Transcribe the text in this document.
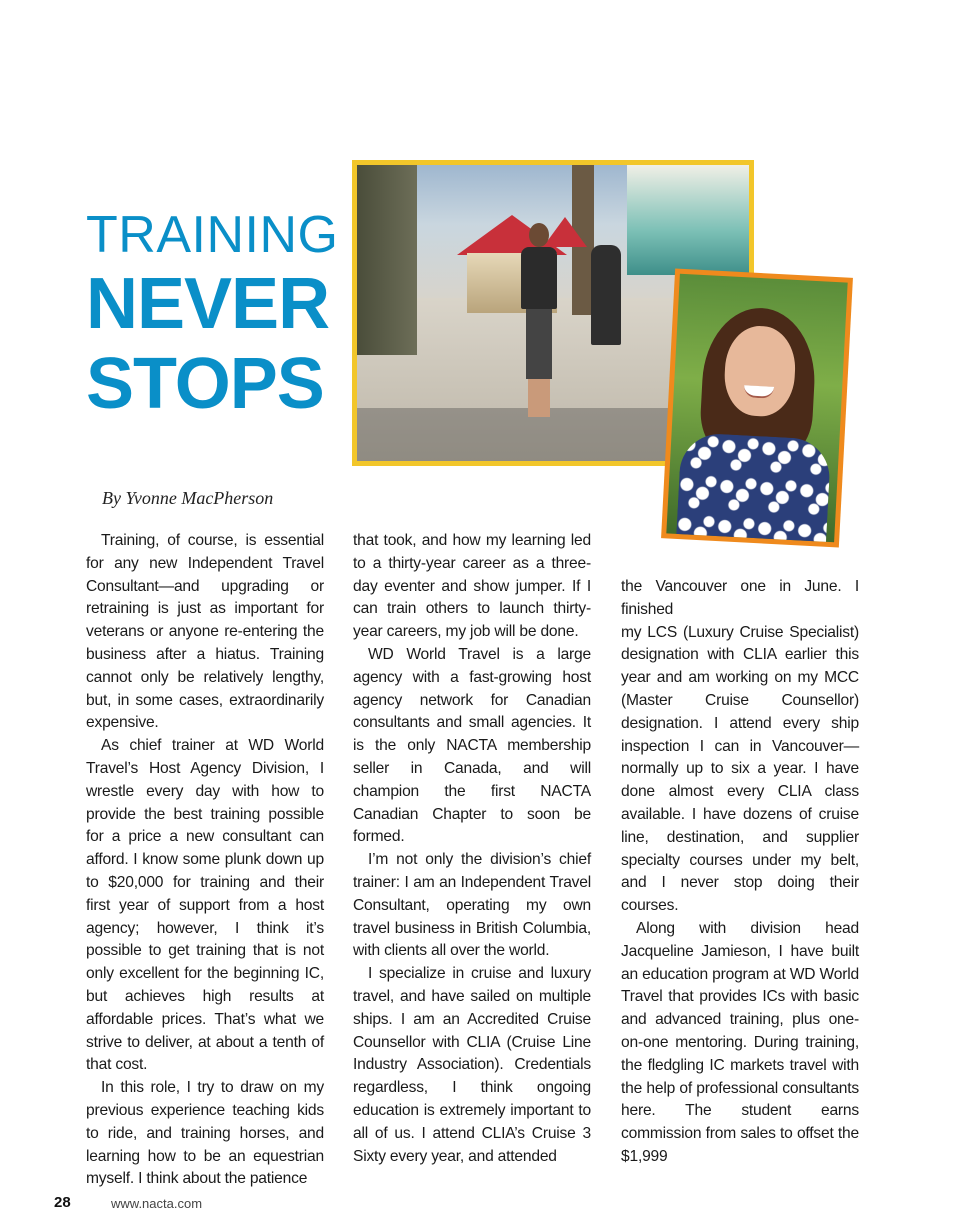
TRAINING
NEVER
STOPS
By Yvonne MacPherson

Training, of course, is essential for any new Independent Travel Consultant—and upgrading or retraining is just as important for veterans or anyone re-entering the business after a hiatus. Training cannot only be relatively lengthy, but, in some cases, extraordinarily expensive.

As chief trainer at WD World Travel’s Host Agency Division, I wrestle every day with how to provide the best training possible for a price a new consultant can afford. I know some plunk down up to $20,000 for training and their first year of support from a host agency; however, I think it’s possible to get training that is not only excellent for the beginning IC, but achieves high results at affordable prices. That’s what we strive to deliver, at about a tenth of that cost.

In this role, I try to draw on my previous experience teaching kids to ride, and training horses, and learning how to be an equestrian myself. I think about the patience

that took, and how my learning led to a thirty-year career as a three-day eventer and show jumper. If I can train others to launch thirty-year careers, my job will be done.

WD World Travel is a large agency with a fast-growing host agency network for Canadian consultants and small agencies. It is the only NACTA membership seller in Canada, and will champion the first NACTA Canadian Chapter to soon be formed.

I’m not only the division’s chief trainer: I am an Independent Travel Consultant, operating my own travel business in British Columbia, with clients all over the world.

I specialize in cruise and luxury travel, and have sailed on multiple ships. I am an Accredited Cruise Counsellor with CLIA (Cruise Line Industry Association). Credentials regardless, I think ongoing education is extremely important to all of us. I attend CLIA’s Cruise 3 Sixty every year, and attended

the Vancouver one in June. I finished

my LCS (Luxury Cruise Specialist) designation with CLIA earlier this year and am working on my MCC (Master Cruise Counsellor) designation. I attend every ship inspection I can in Vancouver—normally up to six a year. I have done almost every CLIA class available. I have dozens of cruise line, destination, and supplier specialty courses under my belt, and I never stop doing their courses.

Along with division head Jacqueline Jamieson, I have built an education program at WD World Travel that provides ICs with basic and advanced training, plus one-on-one mentoring. During training, the fledgling IC markets travel with the help of professional consultants here. The student earns commission from sales to offset the $1,999

28	www.nacta.com
